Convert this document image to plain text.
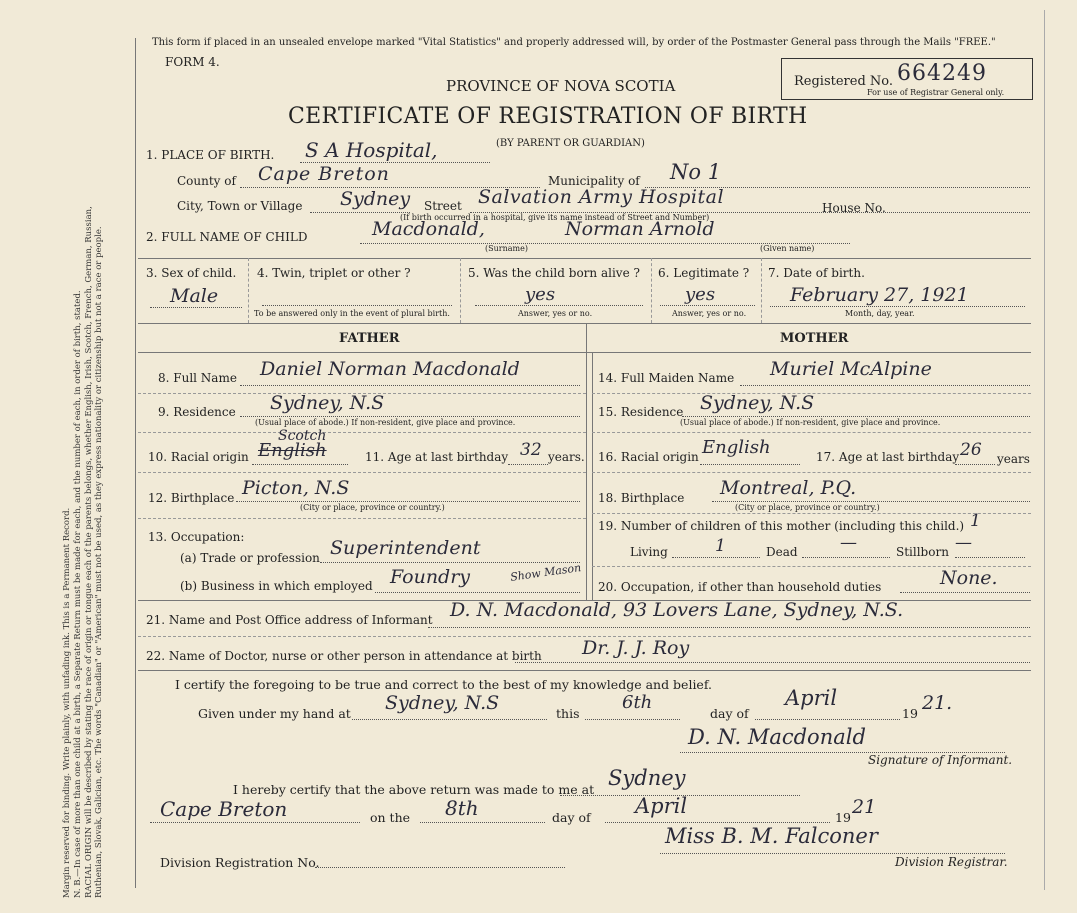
Margin reserved for binding. Write plainly, with unfading ink. This is a Permanent Record. N. B.—In case of more than one child at a birth, a Separate Return must be made for each, and the number of each, in order of birth, stated. RACIAL ORIGIN will be described by stating the race of origin or tongue each of the parents belongs, whether English, Irish, Scotch, French, German, Russian, Ruthenian, Slovak, Galician, etc. The words "Canadian" or "American" must not be used, as they express nationality or citizenship but not a race or people.
This form if placed in an unsealed envelope marked "Vital Statistics" and properly addressed will, by order of the Postmaster General pass through the Mails "FREE."
FORM 4.
PROVINCE OF NOVA SCOTIA
CERTIFICATE OF REGISTRATION OF BIRTH
(BY PARENT OR GUARDIAN)
Registered No. 664249
For use of Registrar General only.
1. PLACE OF BIRTH. S A Hospital,
County of Cape Breton	Municipality of No 1
City, Town or Village Sydney Street Salvation Army Hospital	House No.
(If birth occurred in a hospital, give its name instead of Street and Number)
2. FULL NAME OF CHILD	Macdonald,	Norman Arnold
(Surname)	(Given name)
3. Sex of child.
Male
4. Twin, triplet or other ?
To be answered only in the event of plural birth.
5. Was the child born alive ?
yes
Answer, yes or no.
6. Legitimate ?
yes
Answer, yes or no.
7. Date of birth.
February 27, 1921
Month, day, year.
FATHER	MOTHER
8. Full Name Daniel Norman Macdonald
9. Residence Sydney, N.S
(Usual place of abode.) If non-resident, give place and province.
10. Racial origin
Scotch
English	11. Age at last birthday 32 years.
12. Birthplace Picton, N.S
(City or place, province or country.)
13. Occupation:
(a) Trade or profession Superintendent
(b) Business in which employed Foundry	Show Mason
14. Full Maiden Name Muriel McAlpine
15. Residence Sydney, N.S
(Usual place of abode.) If non-resident, give place and province.
16. Racial origin English	17. Age at last birthday 26 years
18. Birthplace Montreal, P.Q.
(City or place, province or country.)
19. Number of children of this mother (including this child.) 1
Living	1	Dead —	Stillborn —
20. Occupation, if other than household duties	None.
21. Name and Post Office address of Informant D. N. Macdonald, 93 Lovers Lane, Sydney, N.S.
22. Name of Doctor, nurse or other person in attendance at birth Dr. J. J. Roy
I certify the foregoing to be true and correct to the best of my knowledge and belief.
Given under my hand at Sydney, N.S	this
6th
day of
April
19 21.
D. N. Macdonald
Signature of Informant.
I hereby certify that the above return was made to me at Sydney
Cape Breton	on the 8th	day of April	19 21
Miss B. M. Falconer
Division Registration No.	Division Registrar.
